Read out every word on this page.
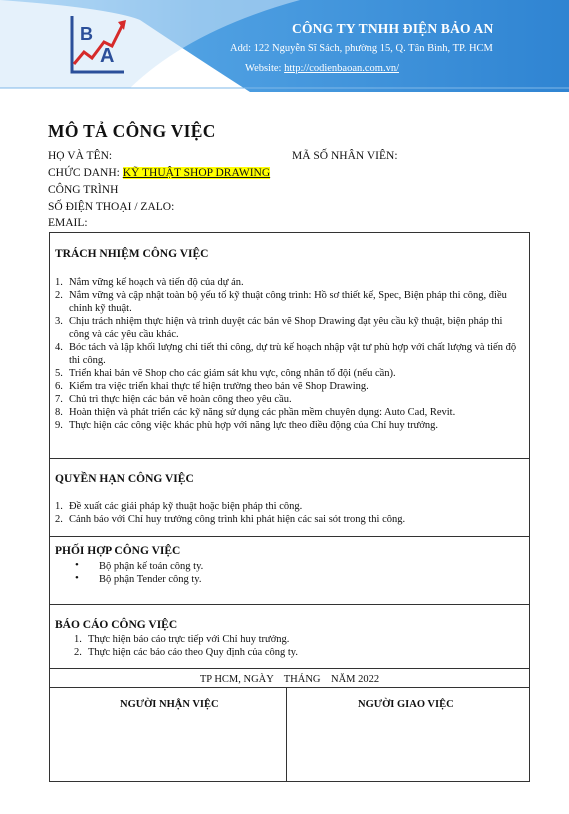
B
A
CÔNG TY TNHH ĐIỆN BẢO AN
Add: 122 Nguyễn Sĩ Sách, phường 15, Q. Tân Bình, TP. HCM
Website: http://codienbaoan.com.vn/
MÔ TẢ CÔNG VIỆC
HỌ VÀ TÊN:	MÃ SỐ NHÂN VIÊN:
CHỨC DANH: KỸ THUẬT SHOP DRAWING
CÔNG TRÌNH
SỐ ĐIỆN THOẠI / ZALO:
EMAIL:
TRÁCH NHIỆM CÔNG VIỆC
1. Nắm vững kế hoạch và tiến độ của dự án.
2. Nắm vững và cập nhật toàn bộ yếu tố kỹ thuật công trình: Hồ sơ thiết kế, Spec, Biện pháp thi công, điều chỉnh kỹ thuật.
3. Chịu trách nhiệm thực hiện và trình duyệt các bản vẽ Shop Drawing đạt yêu cầu kỹ thuật, biện pháp thi công và các yêu cầu khác.
4. Bóc tách và lập khối lượng chi tiết thi công, dự trù kế hoạch nhập vật tư phù hợp với chất lượng và tiến độ thi công.
5. Triển khai bản vẽ Shop cho các giám sát khu vực, công nhân tổ đội (nếu cần).
6. Kiểm tra việc triển khai thực tế hiện trường theo bản vẽ Shop Drawing.
7. Chủ trì thực hiện các bản vẽ hoàn công theo yêu cầu.
8. Hoàn thiện và phát triển các kỹ năng sử dụng các phần mềm chuyên dụng: Auto Cad, Revit.
9. Thực hiện các công việc khác phù hợp với năng lực theo điều động của Chỉ huy trưởng.
QUYỀN HẠN CÔNG VIỆC
1. Đề xuất các giải pháp kỹ thuật hoặc biện pháp thi công.
2. Cảnh báo với Chỉ huy trưởng công trình khi phát hiện các sai sót trong thi công.
PHỐI HỢP CÔNG VIỆC
• Bộ phận kế toán công ty.
• Bộ phận Tender công ty.
BÁO CÁO CÔNG VIỆC
1. Thực hiện báo cáo trực tiếp với Chỉ huy trưởng.
2. Thực hiện các báo cáo theo Quy định của công ty.
TP HCM, NGÀY    THÁNG    NĂM 2022
NGƯỜI NHẬN VIỆC	NGƯỜI GIAO VIỆC
